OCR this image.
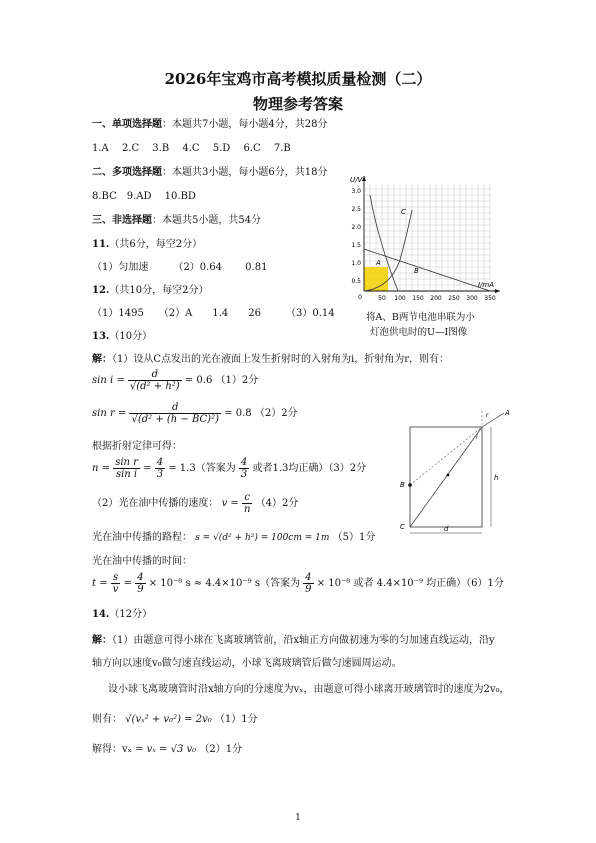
2026年宝鸡市高考模拟质量检测（二）
物理参考答案
一、单项选择题：本题共7小题，每小题4分，共28分
1.A　 2.C　 3.B　 4.C　 5.D　 6.C　 7.B
二、多项选择题：本题共3小题，每小题6分，共18分
8.BC　9.AD　 10.BD
三、非选择题：本题共5小题，共54分
11.（共6分，每空2分）
（1）匀加速　　　（2）0.64　　 0.81
12.（共10分，每空2分）
（1）1495　　（2）A　　1.4　　26　　　（3）0.14
13.（10分）
解：（1）设从C点发出的光在液面上发生折射时的入射角为i，折射角为r，则有：
$\sin i = \frac{d}{\text{√(d² + h²)}} = 0.6$ （1）2分
$\sin r = \frac{d}{\text{√(d² + (h − BC)²)}} = 0.8$ （2）2分
根据折射定律可得：
$n = \frac{\text{sin r}}{\text{sin i}} = \frac{4}{3} = 1.3$（答案为 $\frac{4}{3}$ 或者1.3均正确）（3）2分
（2）光在油中传播的速度： $v = \frac{c}{n} (4)2$分
光在油中传播的路程： s = √(d² + h²) = 100cm = 1m （5）1分
光在油中传播的时间：
$t = \frac{s}{v} = \frac{4}{9} \times 10^{-8}$ s ≈ 4.4×10⁻⁹ s（答案为 $\frac{4}{9} \times 10^{-8}$ 或者 4.4×10⁻⁹ 均正确）（6）1分
14.（12分）
解：（1）由题意可得小球在飞离玻璃管前，沿x轴正方向做初速为零的匀加速直线运动，沿y
轴方向以速度v₀做匀速直线运动，小球飞离玻璃管后做匀速圆周运动。
设小球飞离玻璃管时沿x轴方向的分速度为vₓ，由题意可得小球离开玻璃管时的速度为2v₀，
则有： √(vₓ² + v₀²) = 2v₀ （1）1分
解得：vₓ = vₓ = √3 v₀ （2）1分
U/V
I/mA
3.0
2.5
2.0
1.5
1.0
0.5
0	50 100 150 200 250 300 350
C
A
B
将A、B两节电池串联为小
灯泡供电时的U—I图像
A
B
C
r
i
h
d
1
